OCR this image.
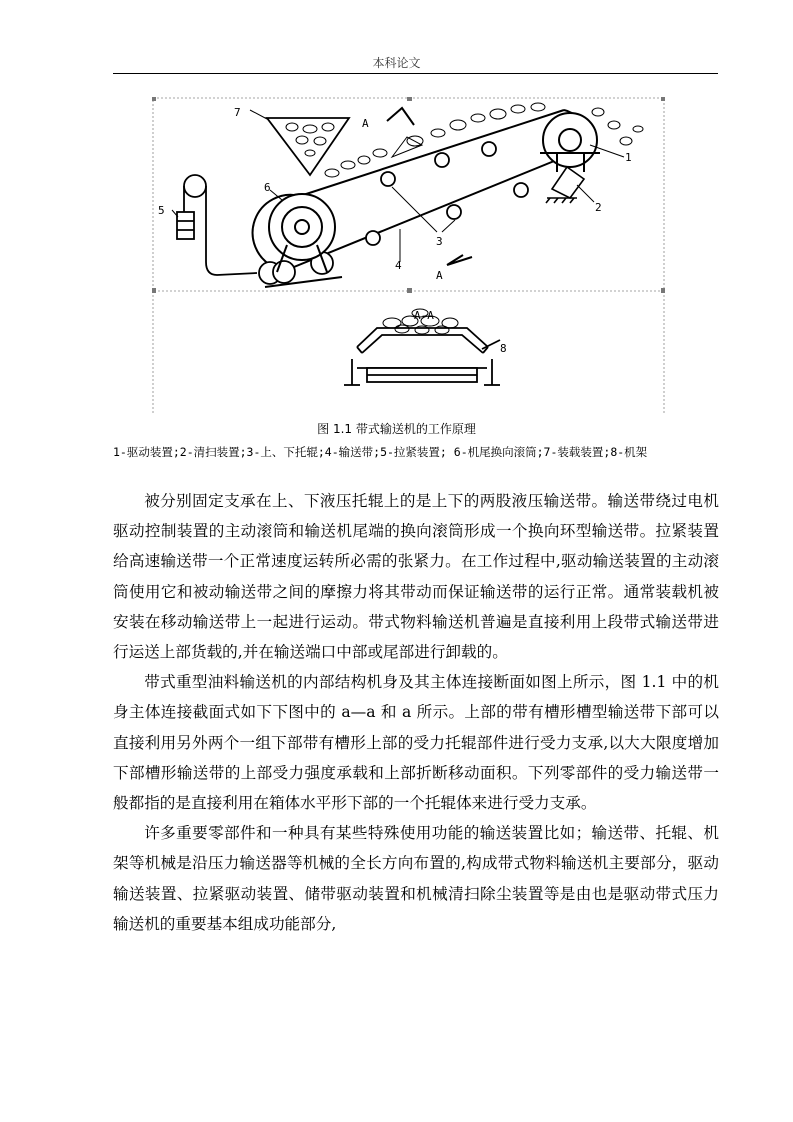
本科论文
1
2
3
4
5
6
7
8
A
A
A-A
图 1.1 带式输送机的工作原理
1-驱动装置;2-清扫装置;3-上、下托辊;4-输送带;5-拉紧装置; 6-机尾换向滚筒;7-装载装置;8-机架

被分别固定支承在上、下液压托辊上的是上下的两股液压输送带。输送带绕过电机驱动控制装置的主动滚筒和输送机尾端的换向滚筒形成一个换向环型输送带。拉紧装置给高速输送带一个正常速度运转所必需的张紧力。在工作过程中,驱动输送装置的主动滚筒使用它和被动输送带之间的摩擦力将其带动而保证输送带的运行正常。通常装载机被安装在移动输送带上一起进行运动。带式物料输送机普遍是直接利用上段带式输送带进行运送上部货载的,并在输送端口中部或尾部进行卸载的。

带式重型油料输送机的内部结构机身及其主体连接断面如图上所示，图 1.1 中的机身主体连接截面式如下下图中的 a—a 和 a 所示。上部的带有槽形槽型输送带下部可以直接利用另外两个一组下部带有槽形上部的受力托辊部件进行受力支承,以大大限度增加下部槽形输送带的上部受力强度承载和上部折断移动面积。下列零部件的受力输送带一般都指的是直接利用在箱体水平形下部的一个托辊体来进行受力支承。

许多重要零部件和一种具有某些特殊使用功能的输送装置比如；输送带、托辊、机架等机械是沿压力输送器等机械的全长方向布置的,构成带式物料输送机主要部分，驱动输送装置、拉紧驱动装置、储带驱动装置和机械清扫除尘装置等是由也是驱动带式压力输送机的重要基本组成功能部分,
